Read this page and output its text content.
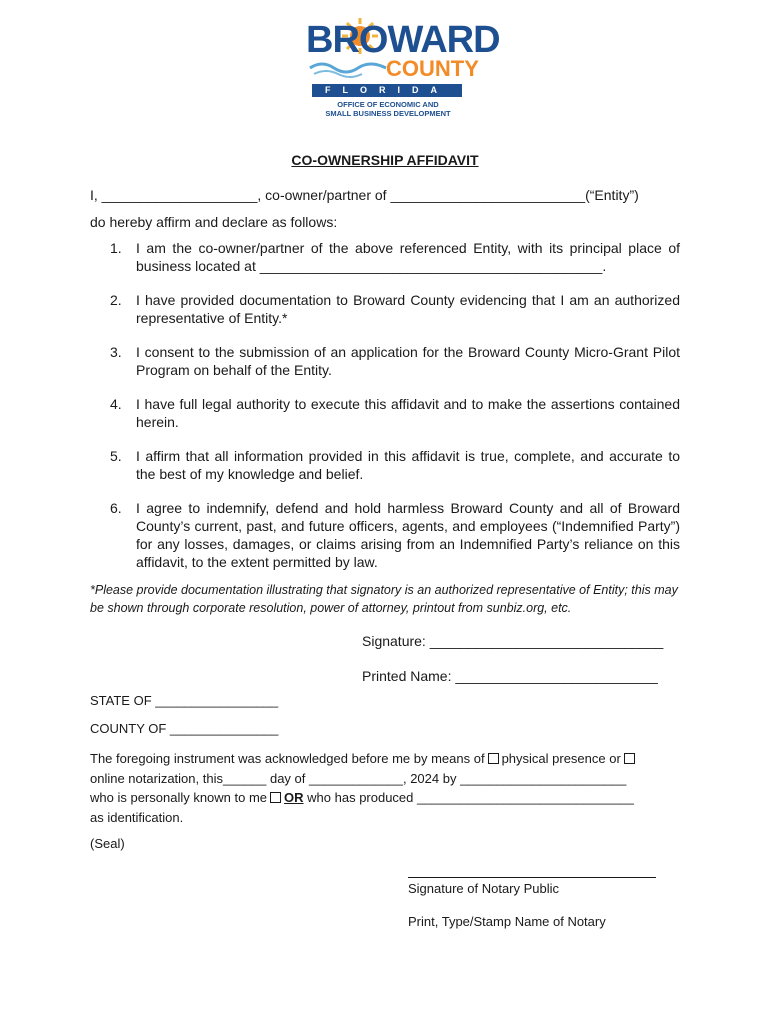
BROWARD
COUNTY
FLORIDA
OFFICE OF ECONOMIC AND
SMALL BUSINESS DEVELOPMENT
CO-OWNERSHIP AFFIDAVIT
I, ____________________, co-owner/partner of _________________________(“Entity”)
do hereby affirm and declare as follows:
1. I am the co-owner/partner of the above referenced Entity, with its principal place of business located at ____________________________________________.
2. I have provided documentation to Broward County evidencing that I am an authorized representative of Entity.*
3. I consent to the submission of an application for the Broward County Micro-Grant Pilot Program on behalf of the Entity.
4. I have full legal authority to execute this affidavit and to make the assertions contained herein.
5. I affirm that all information provided in this affidavit is true, complete, and accurate to the best of my knowledge and belief.
6. I agree to indemnify, defend and hold harmless Broward County and all of Broward County’s current, past, and future officers, agents, and employees (“Indemnified Party”) for any losses, damages, or claims arising from an Indemnified Party’s reliance on this affidavit, to the extent permitted by law.
*Please provide documentation illustrating that signatory is an authorized representative of Entity; this may be shown through corporate resolution, power of attorney, printout from sunbiz.org, etc.
Signature: ______________________________
Printed Name: __________________________
STATE OF _________________
COUNTY OF _______________
The foregoing instrument was acknowledged before me by means of physical presence or
online notarization, this______ day of _____________, 2024 by _______________________
who is personally known to me OR who has produced ______________________________
as identification.
(Seal)
Signature of Notary Public
Print, Type/Stamp Name of Notary
